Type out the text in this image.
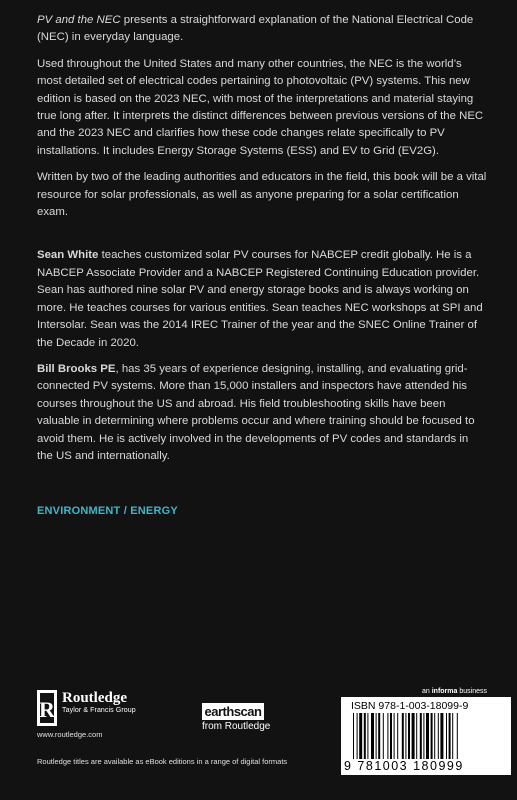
PV and the NEC presents a straightforward explanation of the National Electrical Code (NEC) in everyday language.

Used throughout the United States and many other countries, the NEC is the world’s most detailed set of electrical codes pertaining to photovoltaic (PV) systems. This new edition is based on the 2023 NEC, with most of the interpretations and material staying true long after. It interprets the distinct differences between previous versions of the NEC and the 2023 NEC and clarifies how these code changes relate specifically to PV installations. It includes Energy Storage Systems (ESS) and EV to Grid (EV2G).

Written by two of the leading authorities and educators in the field, this book will be a vital resource for solar professionals, as well as anyone preparing for a solar certification exam.

Sean White teaches customized solar PV courses for NABCEP credit globally. He is a NABCEP Associate Provider and a NABCEP Registered Continuing Education provider. Sean has authored nine solar PV and energy storage books and is always working on more. He teaches courses for various entities. Sean teaches NEC workshops at SPI and Intersolar. Sean was the 2014 IREC Trainer of the year and the SNEC Online Trainer of the Decade in 2020.

Bill Brooks PE, has 35 years of experience designing, installing, and evaluating grid-connected PV systems. More than 15,000 installers and inspectors have attended his courses throughout the US and abroad. His field troubleshooting skills have been valuable in determining where problems occur and where training should be focused to avoid them. He is actively involved in the developments of PV codes and standards in the US and internationally.

ENVIRONMENT / ENERGY
R Routledge
Taylor & Francis Group
www.routledge.com
earthscan
from Routledge
an informa business
ISBN 978-1-003-18099-9
9 781003 180999
Routledge titles are available as eBook editions in a range of digital formats
